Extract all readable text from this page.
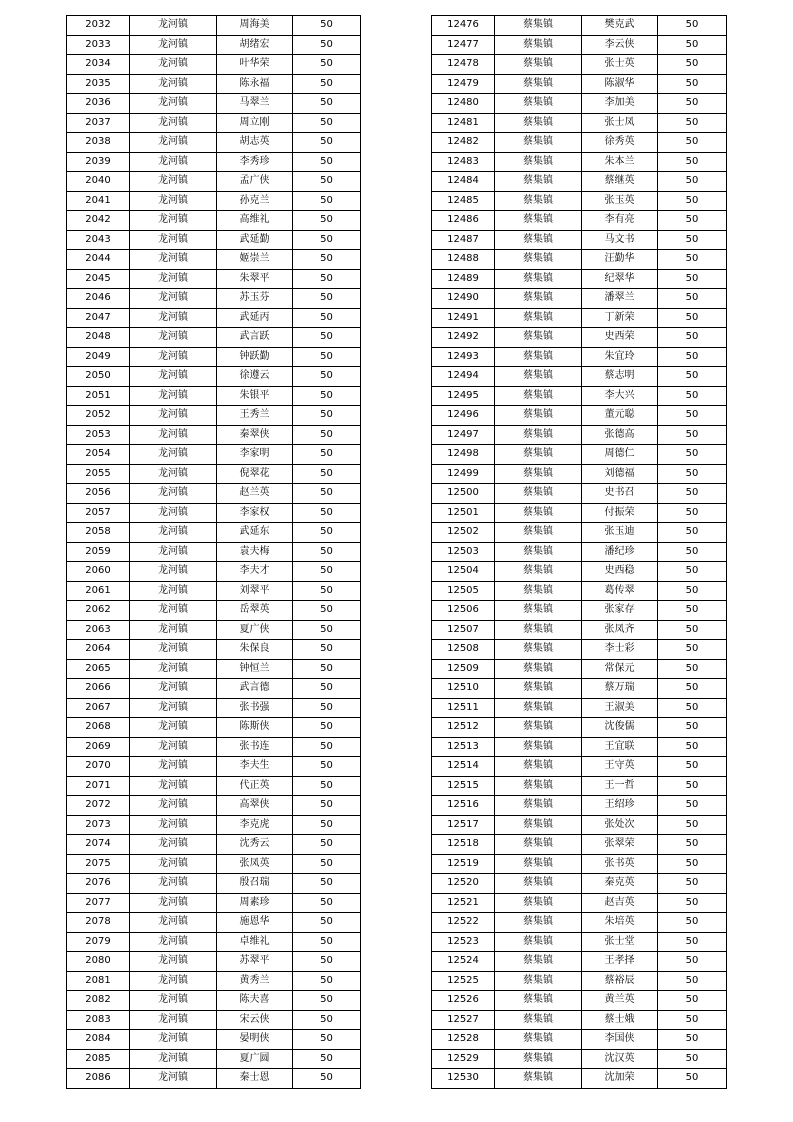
2032	龙河镇	周海美	50
2033	龙河镇	胡绪宏	50
2034	龙河镇	叶华荣	50
2035	龙河镇	陈永福	50
2036	龙河镇	马翠兰	50
2037	龙河镇	周立刚	50
2038	龙河镇	胡志英	50
2039	龙河镇	李秀珍	50
2040	龙河镇	孟广侠	50
2041	龙河镇	孙克兰	50
2042	龙河镇	高维礼	50
2043	龙河镇	武延勤	50
2044	龙河镇	姬崇兰	50
2045	龙河镇	朱翠平	50
2046	龙河镇	苏玉芬	50
2047	龙河镇	武延丙	50
2048	龙河镇	武言跃	50
2049	龙河镇	钟跃勤	50
2050	龙河镇	徐遵云	50
2051	龙河镇	朱银平	50
2052	龙河镇	王秀兰	50
2053	龙河镇	秦翠侠	50
2054	龙河镇	李家明	50
2055	龙河镇	倪翠花	50
2056	龙河镇	赵兰英	50
2057	龙河镇	李家权	50
2058	龙河镇	武延东	50
2059	龙河镇	袁夫梅	50
2060	龙河镇	李夫才	50
2061	龙河镇	刘翠平	50
2062	龙河镇	岳翠英	50
2063	龙河镇	夏广侠	50
2064	龙河镇	朱保良	50
2065	龙河镇	钟恒兰	50
2066	龙河镇	武言德	50
2067	龙河镇	张书强	50
2068	龙河镇	陈斯侠	50
2069	龙河镇	张书连	50
2070	龙河镇	李夫生	50
2071	龙河镇	代正英	50
2072	龙河镇	高翠侠	50
2073	龙河镇	李克虎	50
2074	龙河镇	沈秀云	50
2075	龙河镇	张凤英	50
2076	龙河镇	殷召瑞	50
2077	龙河镇	周素珍	50
2078	龙河镇	施恩华	50
2079	龙河镇	卓维礼	50
2080	龙河镇	苏翠平	50
2081	龙河镇	黄秀兰	50
2082	龙河镇	陈夫喜	50
2083	龙河镇	宋云侠	50
2084	龙河镇	晏明侠	50
2085	龙河镇	夏广圆	50
2086	龙河镇	秦士恩	50
12476	蔡集镇	樊克武	50
12477	蔡集镇	李云侠	50
12478	蔡集镇	张士英	50
12479	蔡集镇	陈淑华	50
12480	蔡集镇	李加美	50
12481	蔡集镇	张士凤	50
12482	蔡集镇	徐秀英	50
12483	蔡集镇	朱本兰	50
12484	蔡集镇	蔡继英	50
12485	蔡集镇	张玉英	50
12486	蔡集镇	李有亮	50
12487	蔡集镇	马文书	50
12488	蔡集镇	汪勤华	50
12489	蔡集镇	纪翠华	50
12490	蔡集镇	潘翠兰	50
12491	蔡集镇	丁新荣	50
12492	蔡集镇	史西荣	50
12493	蔡集镇	朱宜玲	50
12494	蔡集镇	蔡志明	50
12495	蔡集镇	李大兴	50
12496	蔡集镇	董元聪	50
12497	蔡集镇	张德高	50
12498	蔡集镇	周德仁	50
12499	蔡集镇	刘德福	50
12500	蔡集镇	史书召	50
12501	蔡集镇	付振荣	50
12502	蔡集镇	张玉迪	50
12503	蔡集镇	潘纪珍	50
12504	蔡集镇	史西稳	50
12505	蔡集镇	葛传翠	50
12506	蔡集镇	张家存	50
12507	蔡集镇	张凤齐	50
12508	蔡集镇	李士彩	50
12509	蔡集镇	常保元	50
12510	蔡集镇	蔡万瑞	50
12511	蔡集镇	王淑美	50
12512	蔡集镇	沈俊儒	50
12513	蔡集镇	王宜联	50
12514	蔡集镇	王守英	50
12515	蔡集镇	王一哲	50
12516	蔡集镇	王绍珍	50
12517	蔡集镇	张处次	50
12518	蔡集镇	张翠荣	50
12519	蔡集镇	张书英	50
12520	蔡集镇	秦克英	50
12521	蔡集镇	赵吉英	50
12522	蔡集镇	朱培英	50
12523	蔡集镇	张士堂	50
12524	蔡集镇	王孝择	50
12525	蔡集镇	蔡裕辰	50
12526	蔡集镇	黄兰英	50
12527	蔡集镇	蔡士娥	50
12528	蔡集镇	李国侠	50
12529	蔡集镇	沈汉英	50
12530	蔡集镇	沈加荣	50
